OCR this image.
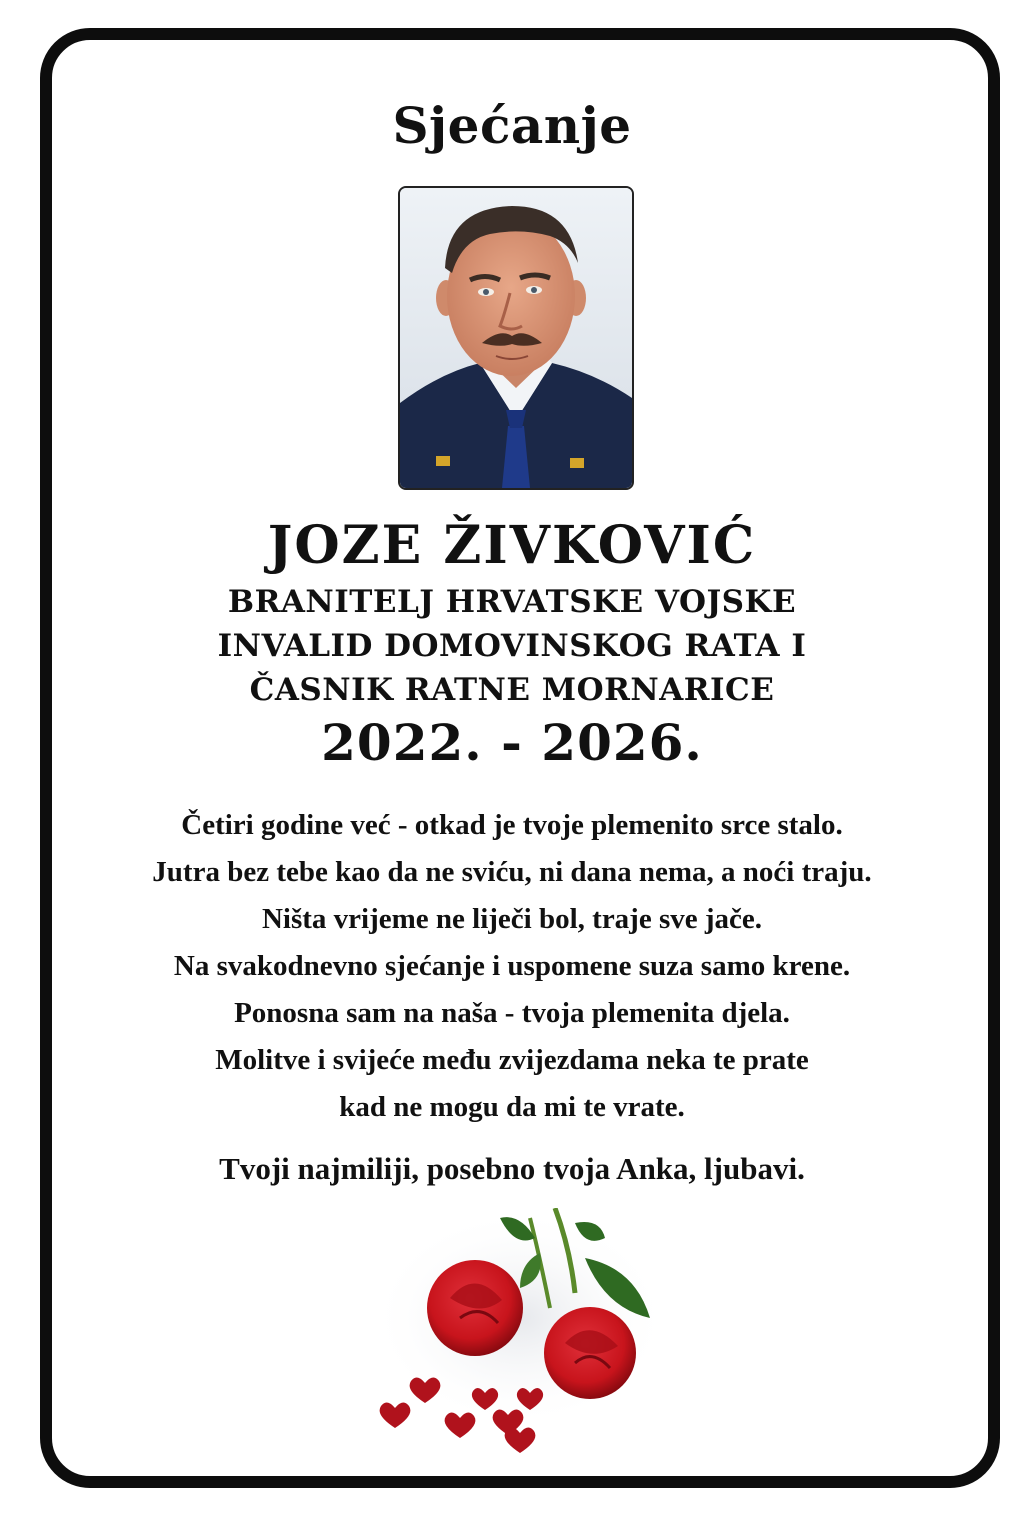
Sjećanje
JOZE ŽIVKOVIĆ
BRANITELJ HRVATSKE VOJSKE
INVALID DOMOVINSKOG RATA I
ČASNIK RATNE MORNARICE
2022. - 2026.
Četiri godine već - otkad je tvoje plemenito srce stalo.
Jutra bez tebe kao da ne sviću, ni dana nema, a noći traju.
Ništa vrijeme ne liječi bol, traje sve jače.
Na svakodnevno sjećanje i uspomene suza samo krene.
Ponosna sam na naša - tvoja plemenita djela.
Molitve i svijeće među zvijezdama neka te prate
kad ne mogu da mi te vrate.
Tvoji najmiliji, posebno tvoja Anka, ljubavi.
